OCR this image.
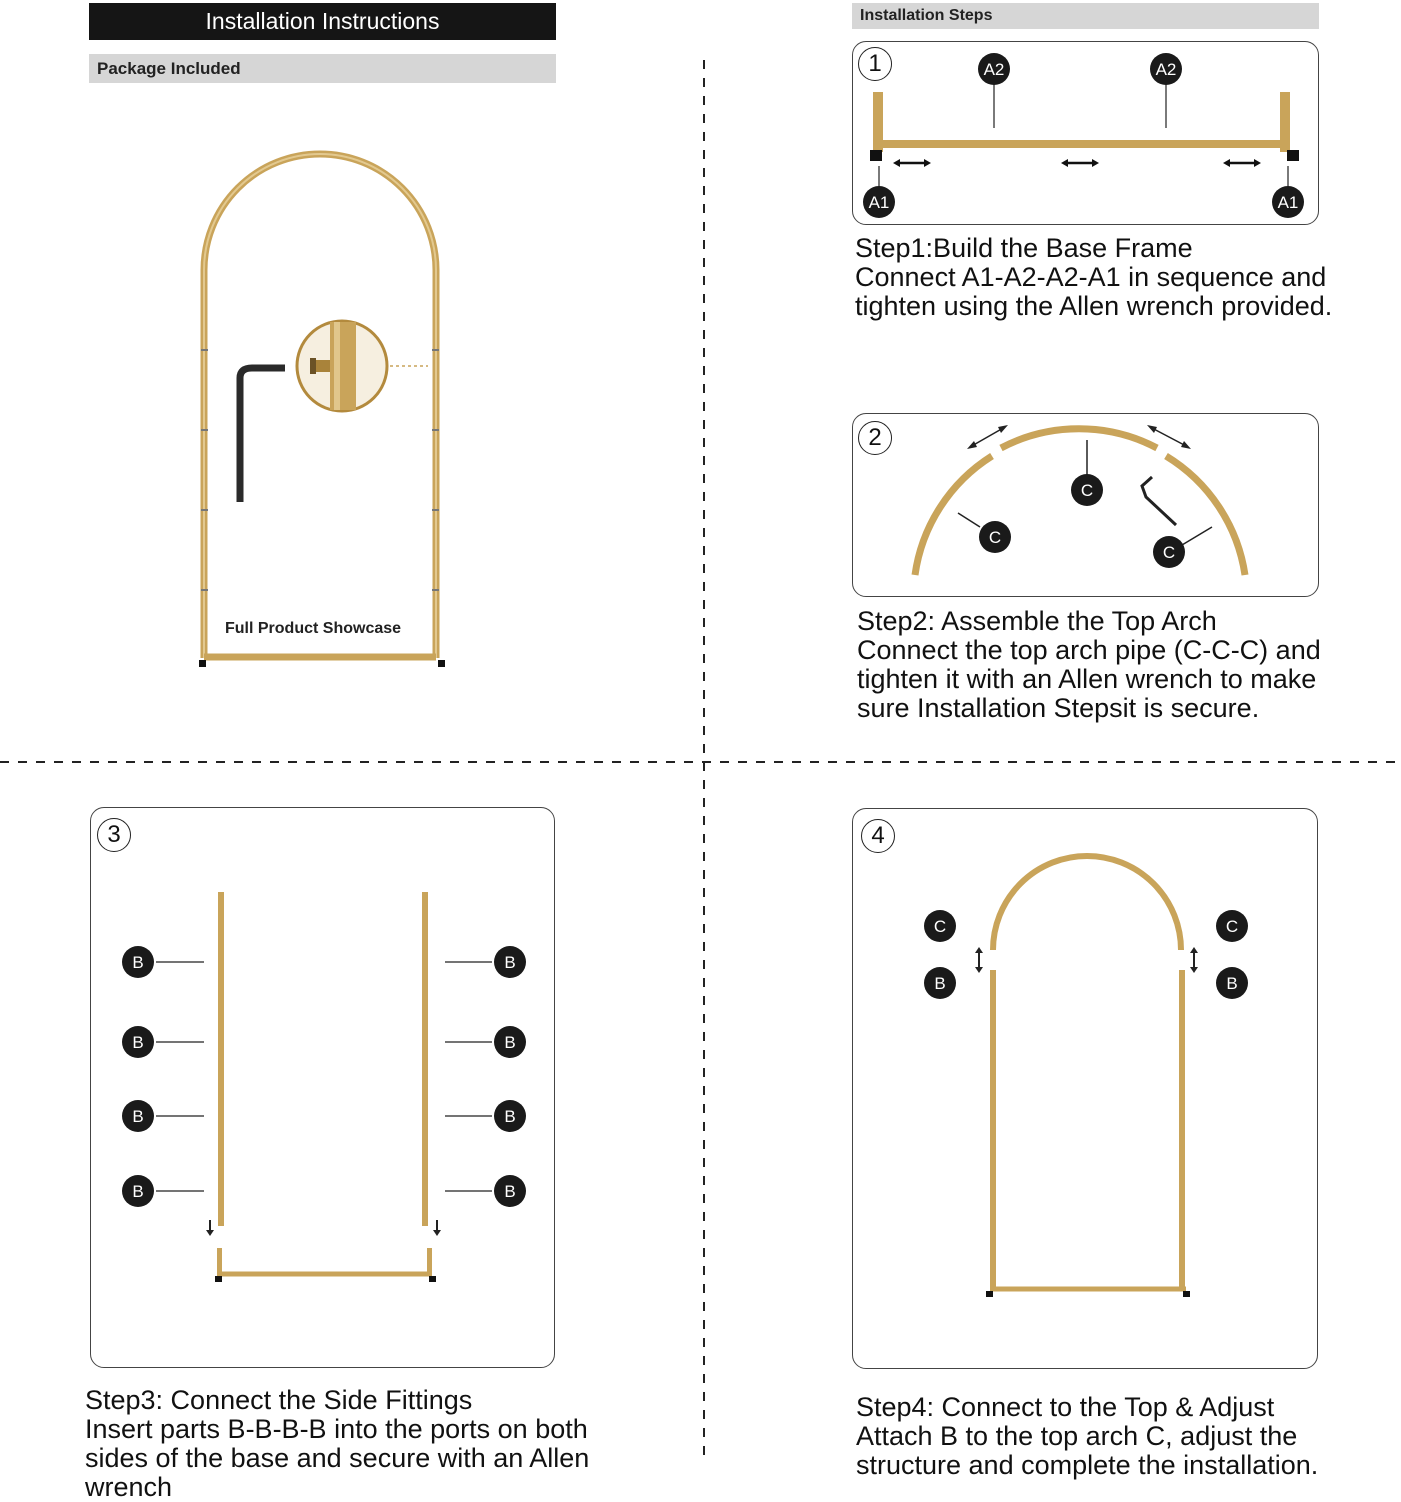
Installation Instructions
Package Included
Installation Steps
Full Product Showcase
1	A2	A2
A1	A1
Step1:Build the Base Frame
Connect A1-A2-A2-A1 in sequence and
tighten using the Allen wrench provided.
2
C
C
C
Step2: Assemble the Top Arch
Connect the top arch pipe (C-C-C) and
tighten it with an Allen wrench to make
sure Installation Stepsit is secure.
3
B
B
B
B
B
B
B
B
Step3: Connect the Side Fittings
Insert parts B-B-B-B into the ports on both
sides of the base and secure with an Allen
wrench
4
C
B
C
B
Step4: Connect to the Top & Adjust
Attach B to the top arch C, adjust the
structure and complete the installation.
